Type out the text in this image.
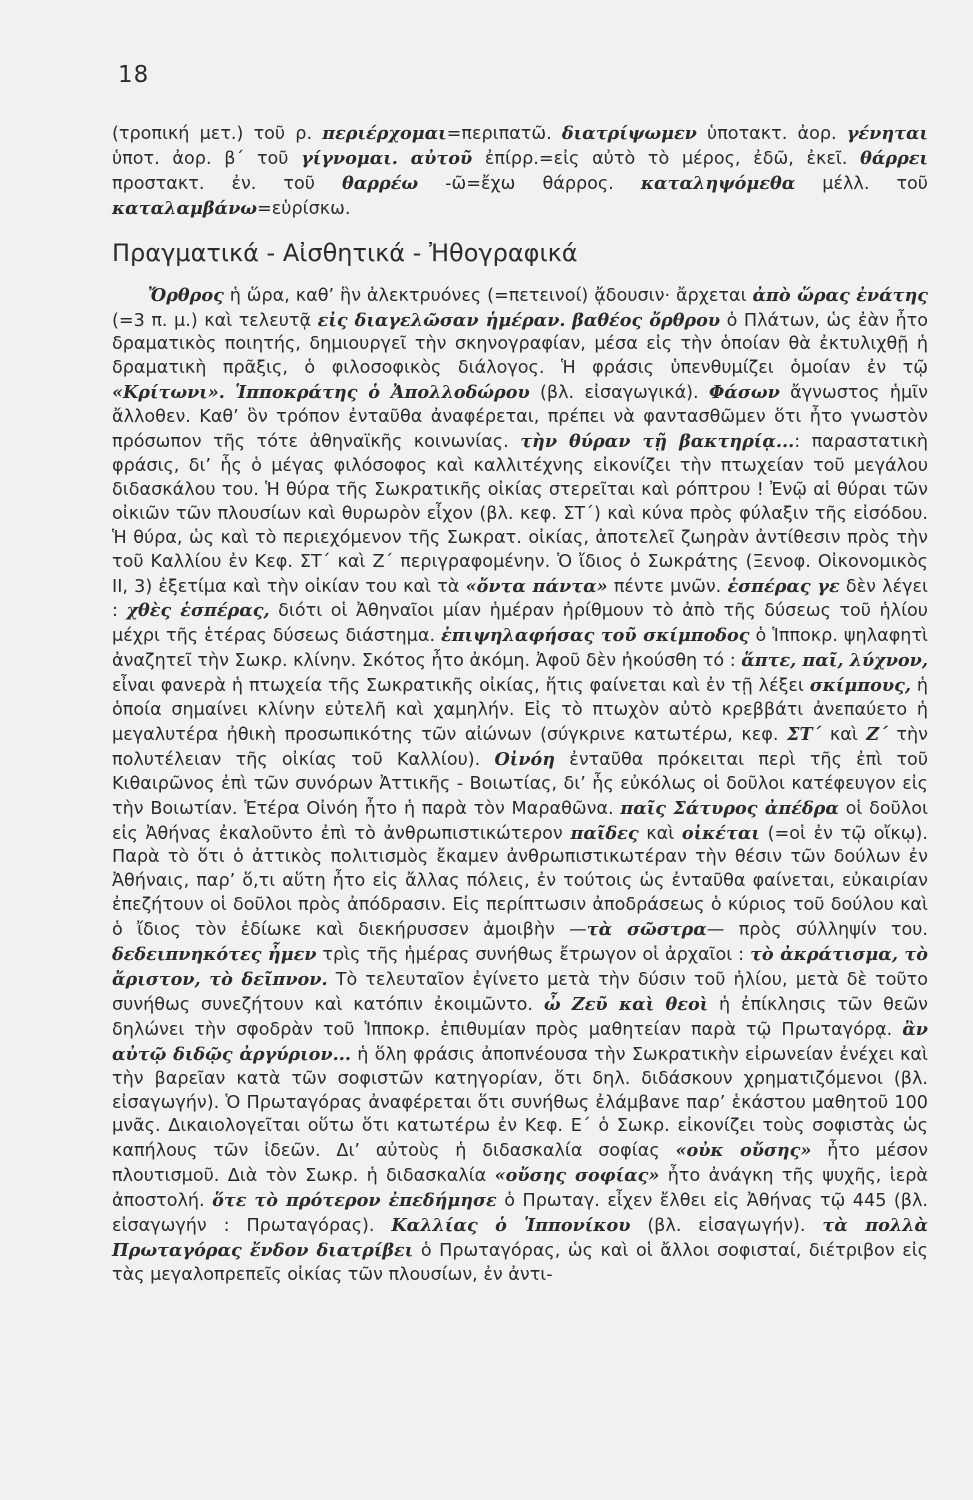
18

(τροπική μετ.) τοῦ ρ. περιέρχομαι=περιπατῶ. διατρίψωμεν ὑποτακτ. ἀορ. γένηται ὑποτ. ἀορ. β΄ τοῦ γίγνομαι. αὐτοῦ ἐπίρρ.=εἰς αὐτὸ τὸ μέρος, ἐδῶ, ἐκεῖ. θάρρει προστακτ. ἐν. τοῦ θαρρέω -ῶ=ἔχω θάρρος. καταληψόμεθα μέλλ. τοῦ καταλαμβάνω=εὑρίσκω.

Πραγματικά - Αἰσθητικά - Ἠθογραφικά

Ὄρθρος ἡ ὥρα, καθ’ ἣν ἀλεκτρυόνες (=πετεινοί) ᾄδουσιν· ἄρχεται ἀπὸ ὥρας ἐνάτης (=3 π. μ.) καὶ τελευτᾷ εἰς διαγελῶσαν ἡμέραν. βαθέος ὄρθρου ὁ Πλάτων, ὡς ἐὰν ἦτο δραματικὸς ποιητής, δημιουργεῖ τὴν σκηνογραφίαν, μέσα εἰς τὴν ὁποίαν θὰ ἐκτυλιχθῇ ἡ δραματικὴ πρᾶξις, ὁ φιλοσοφικὸς διάλογος. Ἡ φράσις ὑπενθυμίζει ὁμοίαν ἐν τῷ «Κρίτωνι». Ἱπποκράτης ὁ Ἀπολλοδώρου (βλ. εἰσαγωγικά). Φάσων ἄγνωστος ἡμῖν ἄλλοθεν. Καθ’ ὃν τρόπον ἐνταῦθα ἀναφέρεται, πρέπει νὰ φαντασθῶμεν ὅτι ἦτο γνωστὸν πρόσωπον τῆς τότε ἀθηναϊκῆς κοινωνίας. τὴν θύραν τῇ βακτηρίᾳ...: παραστατικὴ φράσις, δι’ ἧς ὁ μέγας φιλόσοφος καὶ καλλιτέχνης εἰκονίζει τὴν πτωχείαν τοῦ μεγάλου διδασκάλου του. Ἡ θύρα τῆς Σωκρατικῆς οἰκίας στερεῖται καὶ ρόπτρου ! Ἐνῷ αἱ θύραι τῶν οἰκιῶν τῶν πλουσίων καὶ θυρωρὸν εἶχον (βλ. κεφ. ΣΤ΄) καὶ κύνα πρὸς φύλαξιν τῆς εἰσόδου. Ἡ θύρα, ὡς καὶ τὸ περιεχόμενον τῆς Σωκρατ. οἰκίας, ἀποτελεῖ ζωηρὰν ἀντίθεσιν πρὸς τὴν τοῦ Καλλίου ἐν Κεφ. ΣΤ΄ καὶ Ζ΄ περιγραφομένην. Ὁ ἴδιος ὁ Σωκράτης (Ξενοφ. Οἰκονομικὸς ΙΙ, 3) ἐξετίμα καὶ τὴν οἰκίαν του καὶ τὰ «ὄντα πάντα» πέντε μνῶν. ἑσπέρας γε δὲν λέγει : χθὲς ἑσπέρας, διότι οἱ Ἀθηναῖοι μίαν ἡμέραν ἠρίθμουν τὸ ἀπὸ τῆς δύσεως τοῦ ἡλίου μέχρι τῆς ἑτέρας δύσεως διάστημα. ἐπιψηλαφήσας τοῦ σκίμποδος ὁ Ἱπποκρ. ψηλαφητὶ ἀναζητεῖ τὴν Σωκρ. κλίνην. Σκότος ἦτο ἀκόμη. Ἀφοῦ δὲν ἠκούσθη τό : ἅπτε, παῖ, λύχνον, εἶναι φανερὰ ἡ πτωχεία τῆς Σωκρατικῆς οἰκίας, ἥτις φαίνεται καὶ ἐν τῇ λέξει σκίμπους, ἡ ὁποία σημαίνει κλίνην εὐτελῆ καὶ χαμηλήν. Εἰς τὸ πτωχὸν αὐτὸ κρεββάτι ἀνεπαύετο ἡ μεγαλυτέρα ἠθικὴ προσωπικότης τῶν αἰώνων (σύγκρινε κατωτέρω, κεφ. ΣΤ΄ καὶ Ζ΄ τὴν πολυτέλειαν τῆς οἰκίας τοῦ Καλλίου). Οἰνόη ἐνταῦθα πρόκειται περὶ τῆς ἐπὶ τοῦ Κιθαιρῶνος ἐπὶ τῶν συνόρων Ἀττικῆς - Βοιωτίας, δι’ ἧς εὐκόλως οἱ δοῦλοι κατέφευγον εἰς τὴν Βοιωτίαν. Ἑτέρα Οἰνόη ἦτο ἡ παρὰ τὸν Μαραθῶνα. παῖς Σάτυρος ἀπέδρα οἱ δοῦλοι εἰς Ἀθήνας ἐκαλοῦντο ἐπὶ τὸ ἀνθρωπιστικώτερον παῖδες καὶ οἰκέται (=οἱ ἐν τῷ οἴκῳ). Παρὰ τὸ ὅτι ὁ ἀττικὸς πολιτισμὸς ἔκαμεν ἀνθρωπιστικωτέραν τὴν θέσιν τῶν δούλων ἐν Ἀθήναις, παρ’ ὅ,τι αὕτη ἦτο εἰς ἄλλας πόλεις, ἐν τούτοις ὡς ἐνταῦθα φαίνεται, εὐκαιρίαν ἐπεζήτουν οἱ δοῦλοι πρὸς ἀπόδρασιν. Εἰς περίπτωσιν ἀποδράσεως ὁ κύριος τοῦ δούλου καὶ ὁ ἴδιος τὸν ἐδίωκε καὶ διεκήρυσσεν ἀμοιβὴν —τὰ σῶστρα— πρὸς σύλληψίν του. δεδειπνηκότες ἦμεν τρὶς τῆς ἡμέρας συνήθως ἔτρωγον οἱ ἀρχαῖοι : τὸ ἀκράτισμα, τὸ ἄριστον, τὸ δεῖπνον. Τὸ τελευταῖον ἐγίνετο μετὰ τὴν δύσιν τοῦ ἡλίου, μετὰ δὲ τοῦτο συνήθως συνεζήτουν καὶ κατόπιν ἐκοιμῶντο. ὦ Ζεῦ καὶ θεοὶ ἡ ἐπίκλησις τῶν θεῶν δηλώνει τὴν σφοδρὰν τοῦ Ἱπποκρ. ἐπιθυμίαν πρὸς μαθητείαν παρὰ τῷ Πρωταγόρᾳ. ἂν αὐτῷ διδῷς ἀργύριον... ἡ ὅλη φράσις ἀποπνέουσα τὴν Σωκρατικὴν εἰρωνείαν ἐνέχει καὶ τὴν βαρεῖαν κατὰ τῶν σοφιστῶν κατηγορίαν, ὅτι δηλ. διδάσκουν χρηματιζόμενοι (βλ. εἰσαγωγήν). Ὁ Πρωταγόρας ἀναφέρεται ὅτι συνήθως ἐλάμβανε παρ’ ἑκάστου μαθητοῦ 100 μνᾶς. Δικαιολογεῖται οὕτω ὅτι κατωτέρω ἐν Κεφ. Ε΄ ὁ Σωκρ. εἰκονίζει τοὺς σοφιστὰς ὡς καπήλους τῶν ἰδεῶν. Δι’ αὐτοὺς ἡ διδασκαλία σοφίας «οὐκ οὔσης» ἦτο μέσον πλουτισμοῦ. Διὰ τὸν Σωκρ. ἡ διδασκαλία «οὔσης σοφίας» ἦτο ἀνάγκη τῆς ψυχῆς, ἱερὰ ἀποστολή. ὅτε τὸ πρότερον ἐπεδήμησε ὁ Πρωταγ. εἶχεν ἔλθει εἰς Ἀθήνας τῷ 445 (βλ. εἰσαγωγήν : Πρωταγόρας). Καλλίας ὁ Ἱππονίκου (βλ. εἰσαγωγήν). τὰ πολλὰ Πρωταγόρας ἔνδον διατρίβει ὁ Πρωταγόρας, ὡς καὶ οἱ ἄλλοι σοφισταί, διέτριβον εἰς τὰς μεγαλοπρεπεῖς οἰκίας τῶν πλουσίων, ἐν ἀντι-
